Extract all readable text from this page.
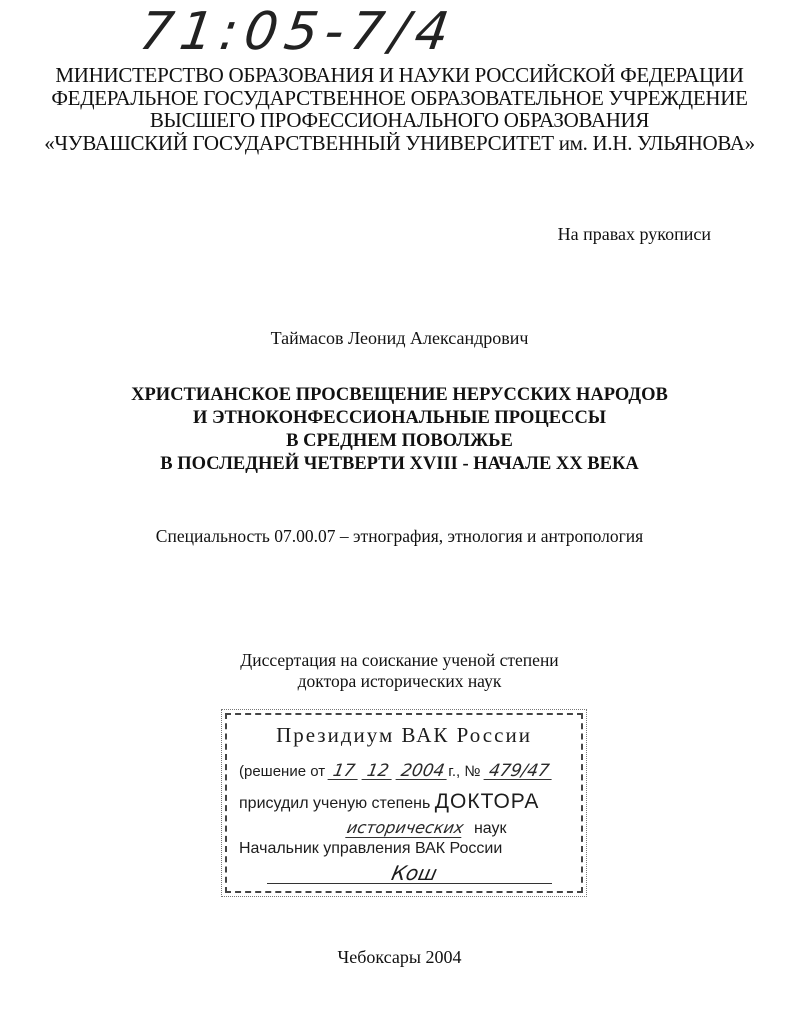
71:05-7/4
МИНИСТЕРСТВО ОБРАЗОВАНИЯ И НАУКИ РОССИЙСКОЙ ФЕДЕРАЦИИ
ФЕДЕРАЛЬНОЕ ГОСУДАРСТВЕННОЕ ОБРАЗОВАТЕЛЬНОЕ УЧРЕЖДЕНИЕ
ВЫСШЕГО ПРОФЕССИОНАЛЬНОГО ОБРАЗОВАНИЯ
«ЧУВАШСКИЙ ГОСУДАРСТВЕННЫЙ УНИВЕРСИТЕТ им. И.Н. УЛЬЯНОВА»
На правах рукописи
Таймасов Леонид Александрович
ХРИСТИАНСКОЕ ПРОСВЕЩЕНИЕ НЕРУССКИХ НАРОДОВ
И ЭТНОКОНФЕССИОНАЛЬНЫЕ ПРОЦЕССЫ
В СРЕДНЕМ ПОВОЛЖЬЕ
В ПОСЛЕДНЕЙ ЧЕТВЕРТИ XVIII - НАЧАЛЕ XX ВЕКА
Специальность 07.00.07 – этнография, этнология и антропология
Диссертация на соискание ученой степени
доктора исторических наук
Президиум ВАК России
(решение от 17 12 2004 г., № 479/47
присудил ученую степень ДОКТОРА
исторических наук
Начальник управления ВАК России
Кош
Чебоксары 2004
